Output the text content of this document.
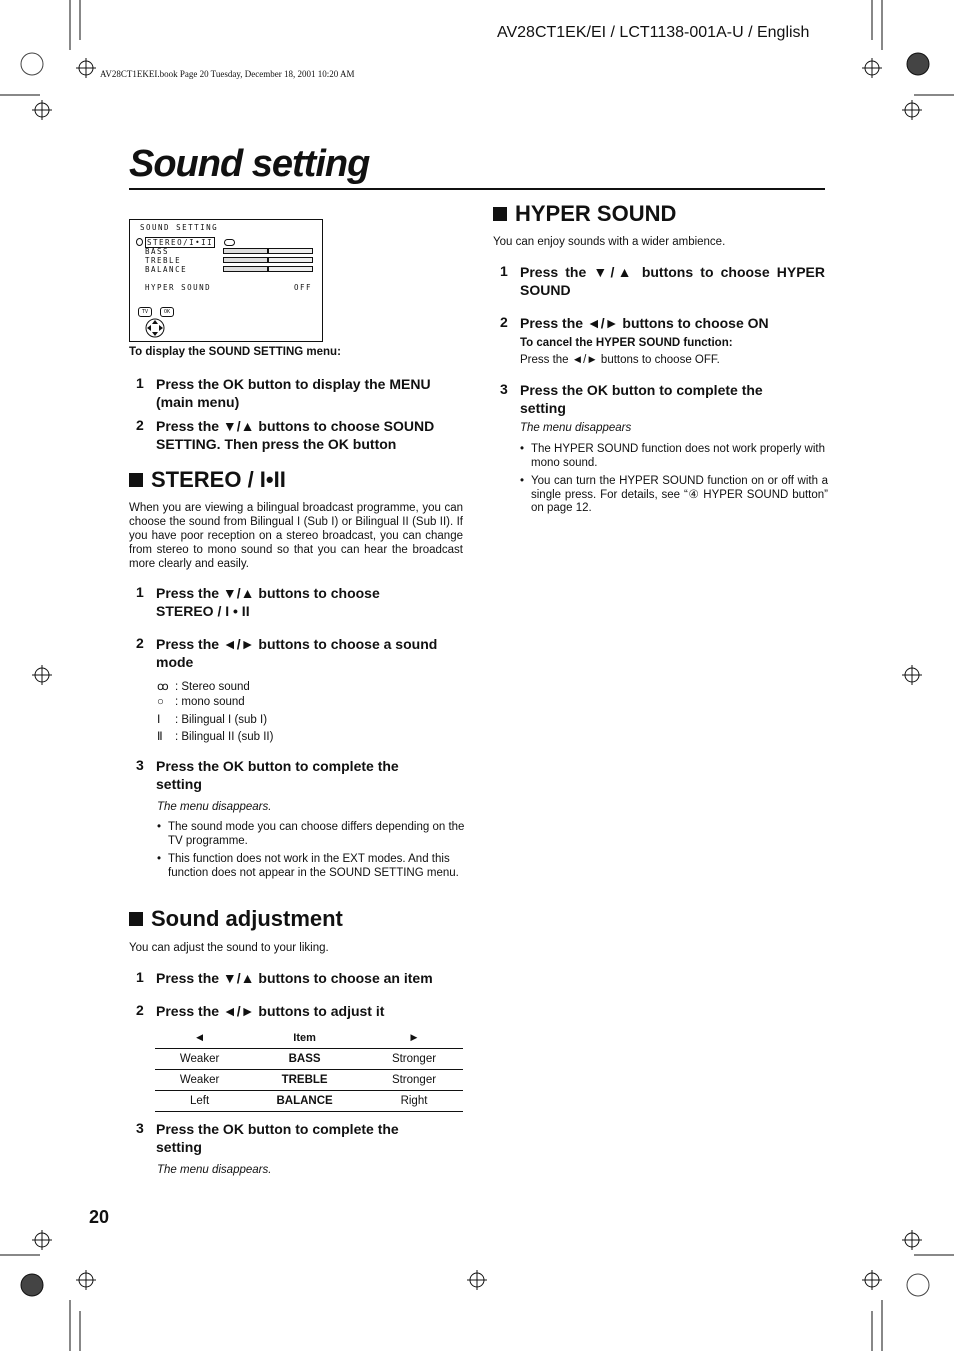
AV28CT1EK/EI / LCT1138-001A-U / English
AV28CT1EKEI.book Page 20 Tuesday, December 18, 2001 10:20 AM
Sound setting
SOUND SETTING
STEREO/I•II
BASS
TREBLE
BALANCE
HYPER SOUND	OFF
TV	OK
To display the SOUND SETTING menu:
1 Press the OK button to display the MENU (main menu)
2 Press the ▼/▲ buttons to choose SOUND SETTING. Then press the OK button
STEREO / I•II
When you are viewing a bilingual broadcast programme, you can choose the sound from Bilingual I (Sub I) or Bilingual II (Sub II). If you have poor reception on a stereo broadcast, you can change from stereo to mono sound so that you can hear the broadcast more clearly and easily.
1 Press the ▼/▲ buttons to choose STEREO / I • II
2 Press the ◄/► buttons to choose a sound mode
ꝏ : Stereo sound
○ : mono sound
Ⅰ : Bilingual I (sub I)
Ⅱ : Bilingual II (sub II)
3 Press the OK button to complete the setting
The menu disappears.
• The sound mode you can choose differs depending on the TV programme.
• This function does not work in the EXT modes. And this function does not appear in the SOUND SETTING menu.
Sound adjustment
You can adjust the sound to your liking.
1 Press the ▼/▲ buttons to choose an item
2 Press the ◄/► buttons to adjust it
◄	Item	►
Weaker	BASS	Stronger
Weaker	TREBLE	Stronger
Left	BALANCE	Right
3 Press the OK button to complete the setting
The menu disappears.
HYPER SOUND
You can enjoy sounds with a wider ambience.
1 Press the ▼/▲ buttons to choose HYPER SOUND
2 Press the ◄/► buttons to choose ON
To cancel the HYPER SOUND function:
Press the ◄/► buttons to choose OFF.
3 Press the OK button to complete the setting
The menu disappears
• The HYPER SOUND function does not work properly with mono sound.
• You can turn the HYPER SOUND function on or off with a single press. For details, see “④ HYPER SOUND button” on page 12.
20
